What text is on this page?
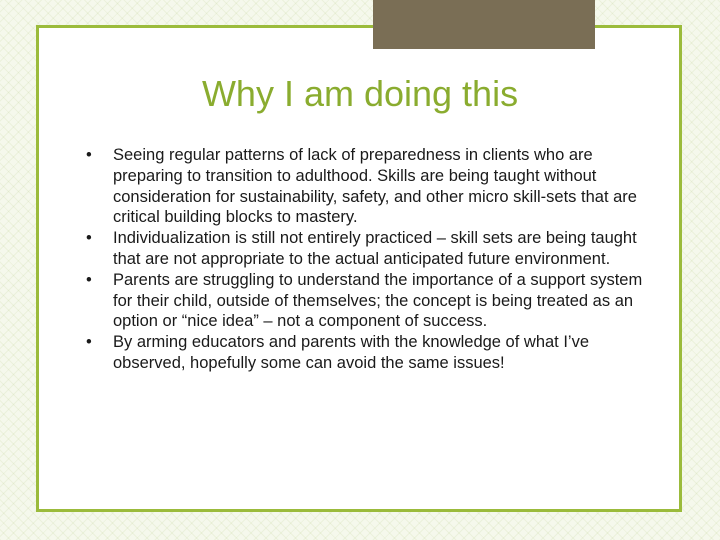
Why I am doing this
•	Seeing regular patterns of lack of preparedness in clients who are preparing to transition to adulthood. Skills are being taught without consideration for sustainability, safety, and other micro skill-sets that are critical building blocks to mastery.
•	Individualization is still not entirely practiced – skill sets are being taught that are not appropriate to the actual anticipated future environment.
•	Parents are struggling to understand the importance of a support system for their child, outside of themselves; the concept is being treated as an option or “nice idea” – not a component of success.
•	By arming educators and parents with the knowledge of what I’ve observed, hopefully some can avoid the same issues!
